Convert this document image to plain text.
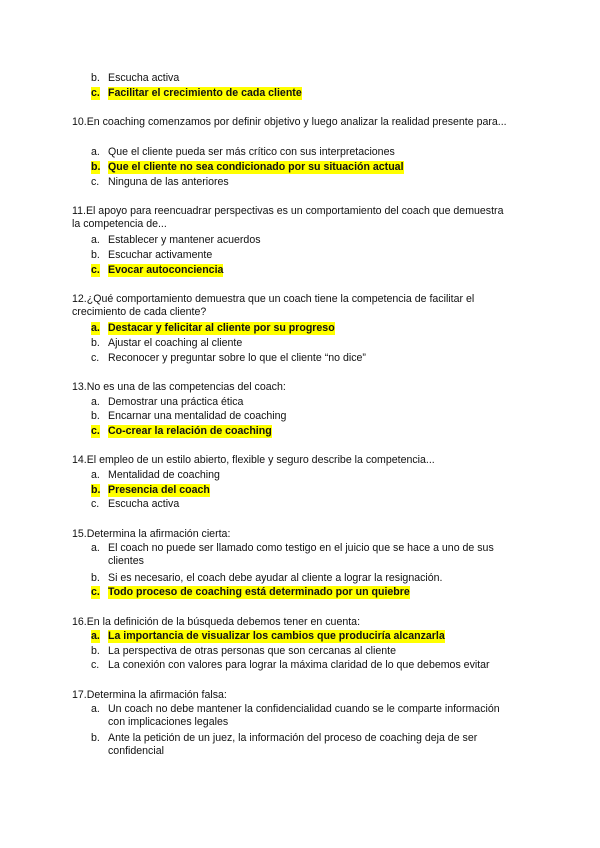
b. Escucha activa
c. Facilitar el crecimiento de cada cliente
10.En coaching comenzamos por definir objetivo y luego analizar la realidad presente para...
a. Que el cliente pueda ser más crítico con sus interpretaciones
b. Que el cliente no sea condicionado por su situación actual
c. Ninguna de las anteriores
11.El apoyo para reencuadrar perspectivas es un comportamiento del coach que demuestra la competencia de...
a. Establecer y mantener acuerdos
b. Escuchar activamente
c. Evocar autoconciencia
12.¿Qué comportamiento demuestra que un coach tiene la competencia de facilitar el crecimiento de cada cliente?
a. Destacar y felicitar al cliente por su progreso
b. Ajustar el coaching al cliente
c. Reconocer y preguntar sobre lo que el cliente “no dice”
13.No es una de las competencias del coach:
a. Demostrar una práctica ética
b. Encarnar una mentalidad de coaching
c. Co-crear la relación de coaching
14.El empleo de un estilo abierto, flexible y seguro describe la competencia...
a. Mentalidad de coaching
b. Presencia del coach
c. Escucha activa
15.Determina la afirmación cierta:
a. El coach no puede ser llamado como testigo en el juicio que se hace a uno de sus clientes
b. Si es necesario, el coach debe ayudar al cliente a lograr la resignación.
c. Todo proceso de coaching está determinado por un quiebre
16.En la definición de la búsqueda debemos tener en cuenta:
a. La importancia de visualizar los cambios que produciría alcanzarla
b. La perspectiva de otras personas que son cercanas al cliente
c. La conexión con valores para lograr la máxima claridad de lo que debemos evitar
17.Determina la afirmación falsa:
a. Un coach no debe mantener la confidencialidad cuando se le comparte información con implicaciones legales
b. Ante la petición de un juez, la información del proceso de coaching deja de ser confidencial
